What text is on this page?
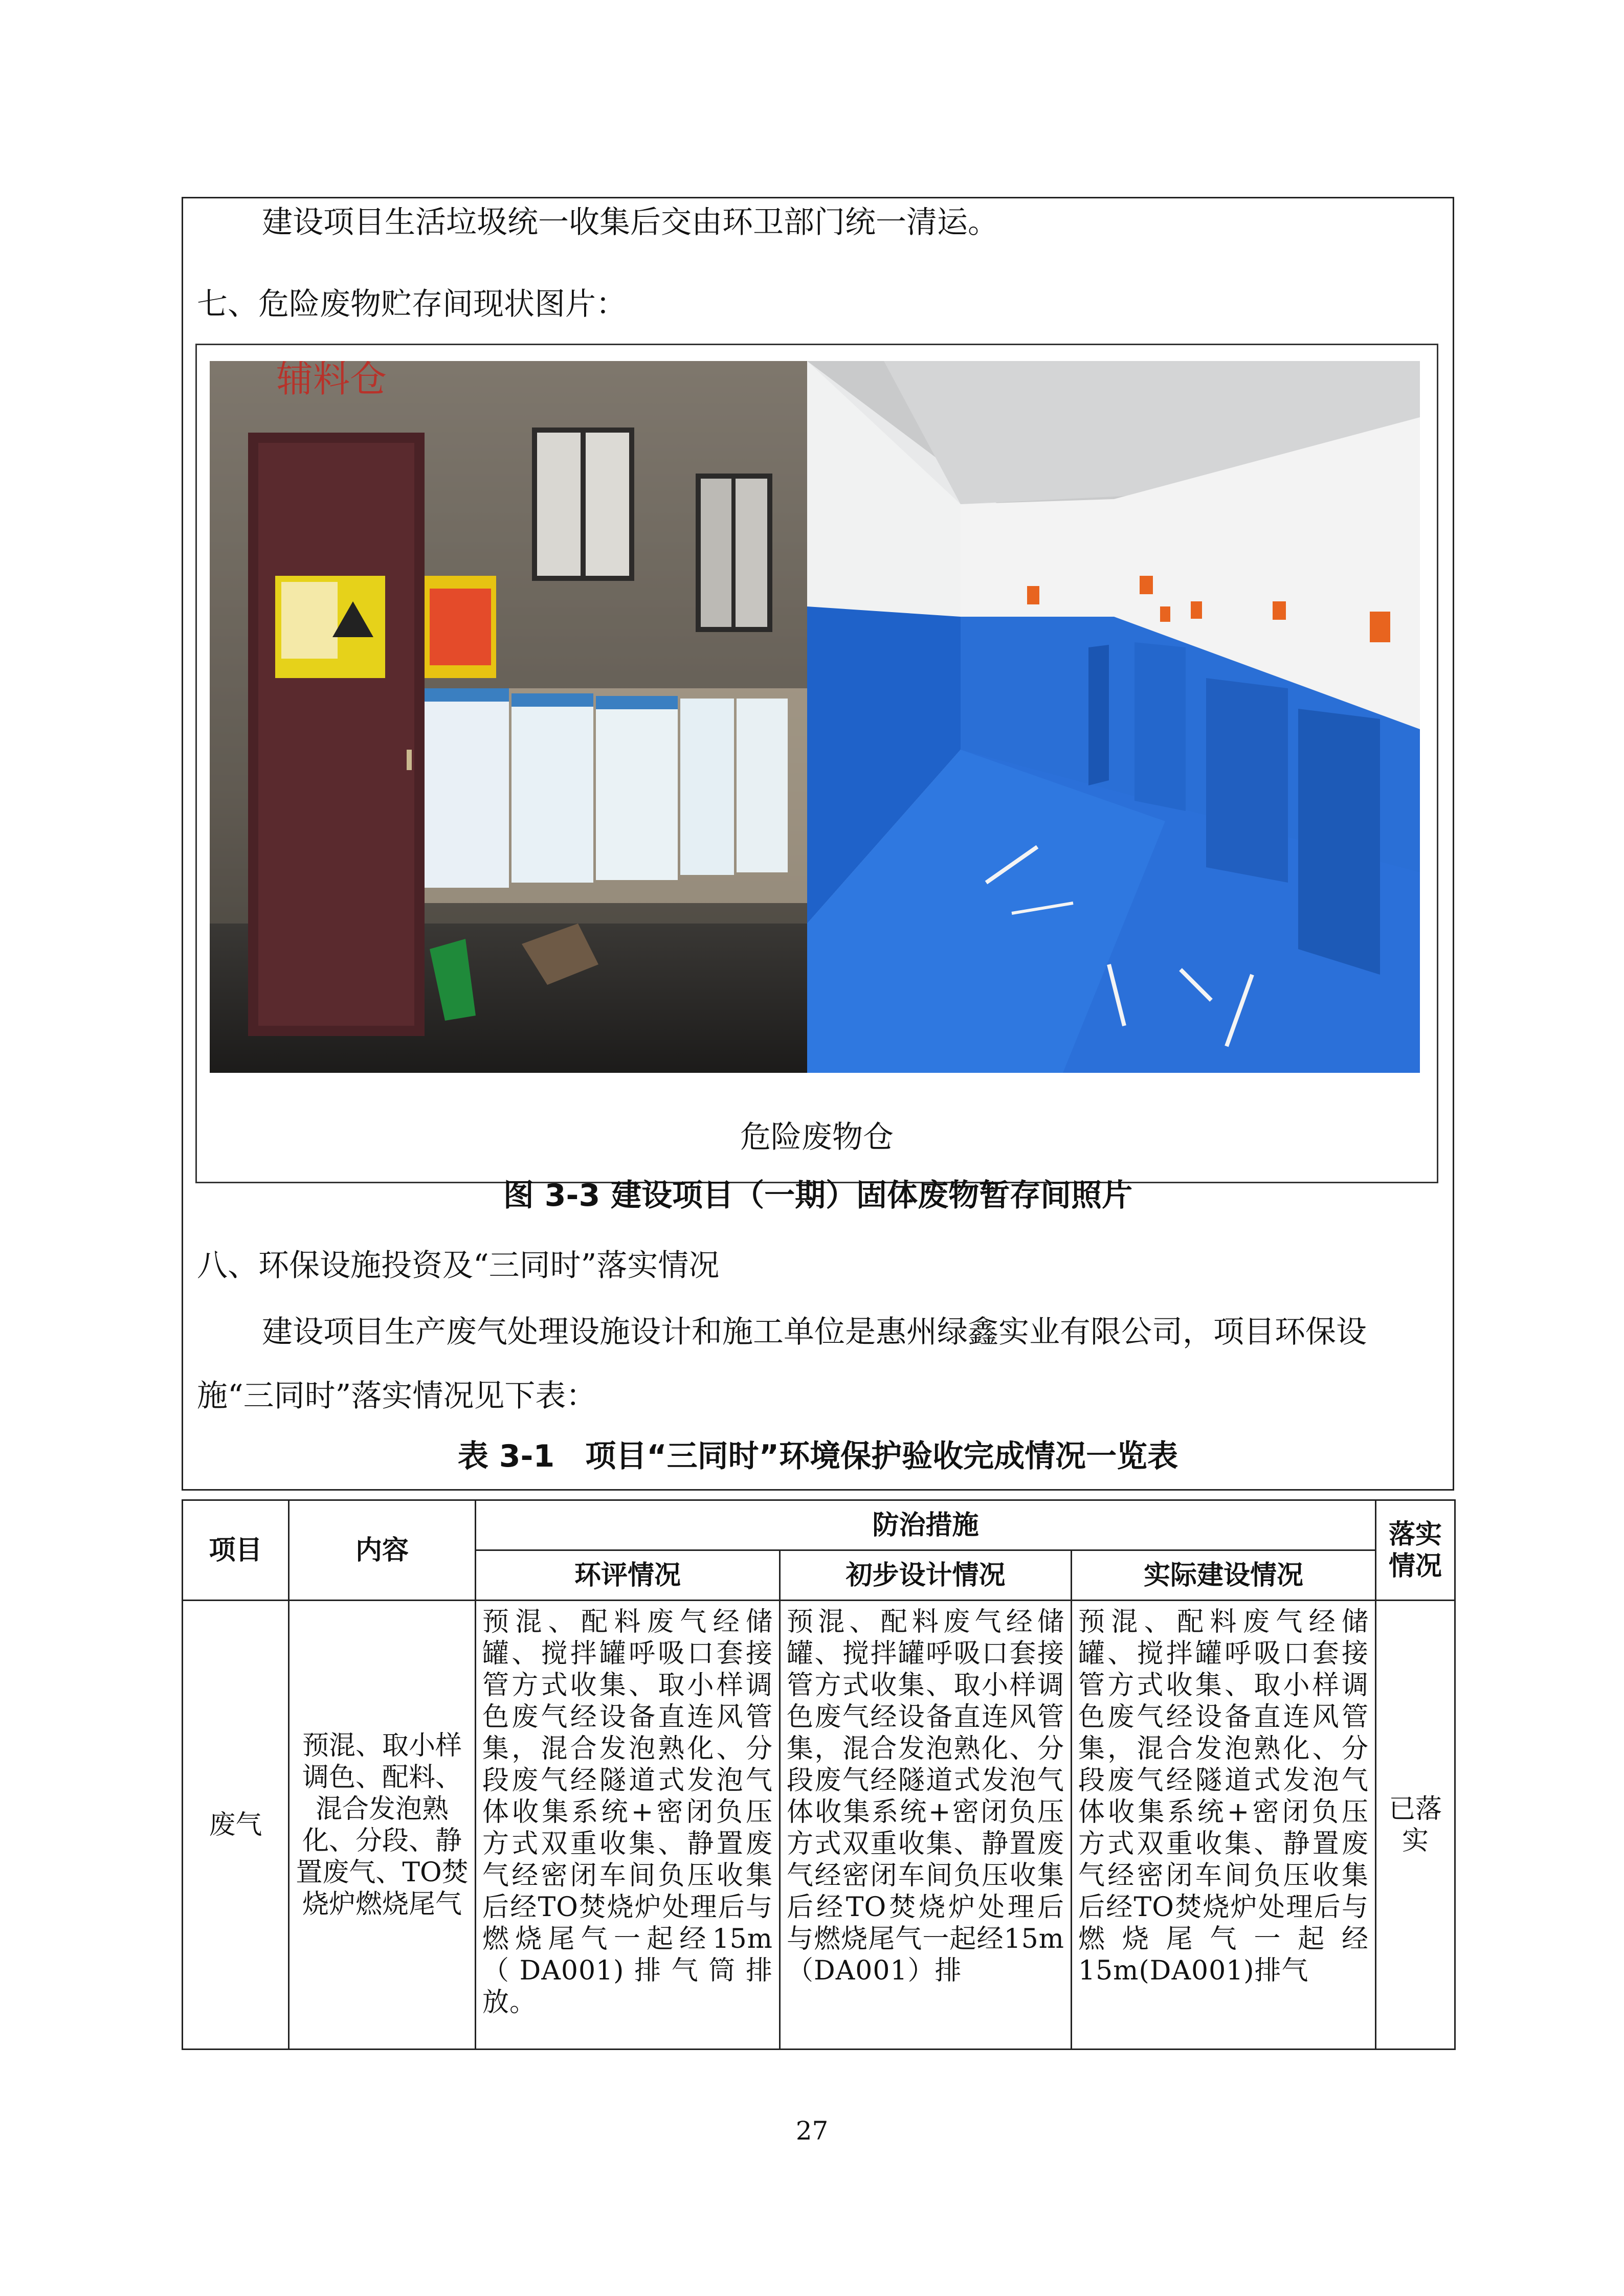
建设项目生活垃圾统一收集后交由环卫部门统一清运。
七、危险废物贮存间现状图片：
辅料仓
危险废物仓
图 3-3 建设项目（一期）固体废物暂存间照片
八、环保设施投资及“三同时”落实情况
建设项目生产废气处理设施设计和施工单位是惠州绿鑫实业有限公司，项目环保设
施“三同时”落实情况见下表：
表 3-1　项目“三同时”环境保护验收完成情况一览表
项目	内容	防治措施			落实情况
		环评情况	初步设计情况	实际建设情况	
废气	预混、取小样调色、配料、混合发泡熟化、分段、静置废气、TO焚烧炉燃烧尾气	预混、配料废气经储罐、搅拌罐呼吸口套接管方式收集、取小样调色废气经设备直连风管集，混合发泡熟化、分段废气经隧道式发泡气体收集系统+密闭负压方式双重收集、静置废气经密闭车间负压收集后经TO焚烧炉处理后与燃烧尾气一起经15m（DA001)排气筒排放。	预混、配料废气经储罐、搅拌罐呼吸口套接管方式收集、取小样调色废气经设备直连风管集，混合发泡熟化、分段废气经隧道式发泡气体收集系统+密闭负压方式双重收集、静置废气经密闭车间负压收集后经TO焚烧炉处理后与燃烧尾气一起经15m（DA001）排	预混、配料废气经储罐、搅拌罐呼吸口套接管方式收集、取小样调色废气经设备直连风管集，混合发泡熟化、分段废气经隧道式发泡气体收集系统+密闭负压方式双重收集、静置废气经密闭车间负压收集后经TO焚烧炉处理后与燃烧尾气一起经15m(DA001)排气	已落实
27
